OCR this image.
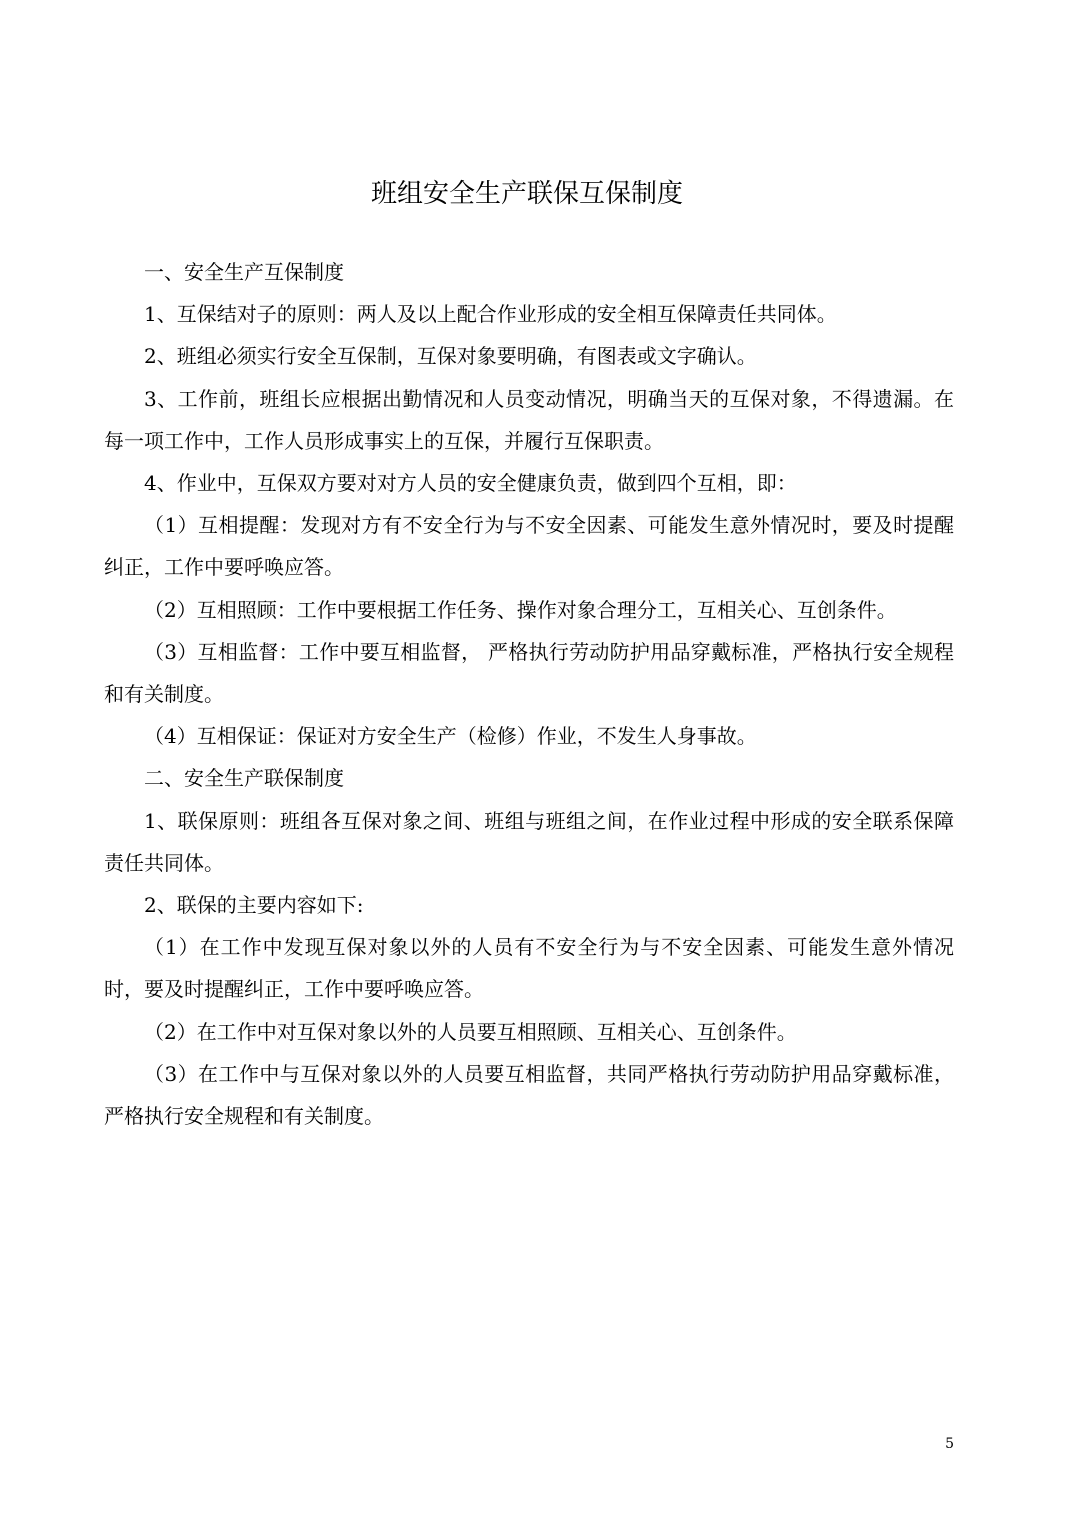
班组安全生产联保互保制度

一、安全生产互保制度

1、互保结对子的原则：两人及以上配合作业形成的安全相互保障责任共同体。

2、班组必须实行安全互保制，互保对象要明确，有图表或文字确认。

3、工作前，班组长应根据出勤情况和人员变动情况，明确当天的互保对象，不得遗漏。在每一项工作中，工作人员形成事实上的互保，并履行互保职责。

4、作业中，互保双方要对对方人员的安全健康负责，做到四个互相，即：

（1）互相提醒：发现对方有不安全行为与不安全因素、可能发生意外情况时，要及时提醒纠正，工作中要呼唤应答。

（2）互相照顾：工作中要根据工作任务、操作对象合理分工，互相关心、互创条件。

（3）互相监督：工作中要互相监督， 严格执行劳动防护用品穿戴标准，严格执行安全规程和有关制度。

（4）互相保证：保证对方安全生产（检修）作业，不发生人身事故。

二、安全生产联保制度

1、联保原则：班组各互保对象之间、班组与班组之间，在作业过程中形成的安全联系保障责任共同体。

2、联保的主要内容如下:

（1）在工作中发现互保对象以外的人员有不安全行为与不安全因素、可能发生意外情况时，要及时提醒纠正，工作中要呼唤应答。

（2）在工作中对互保对象以外的人员要互相照顾、互相关心、互创条件。

（3）在工作中与互保对象以外的人员要互相监督，共同严格执行劳动防护用品穿戴标准，严格执行安全规程和有关制度。

5
